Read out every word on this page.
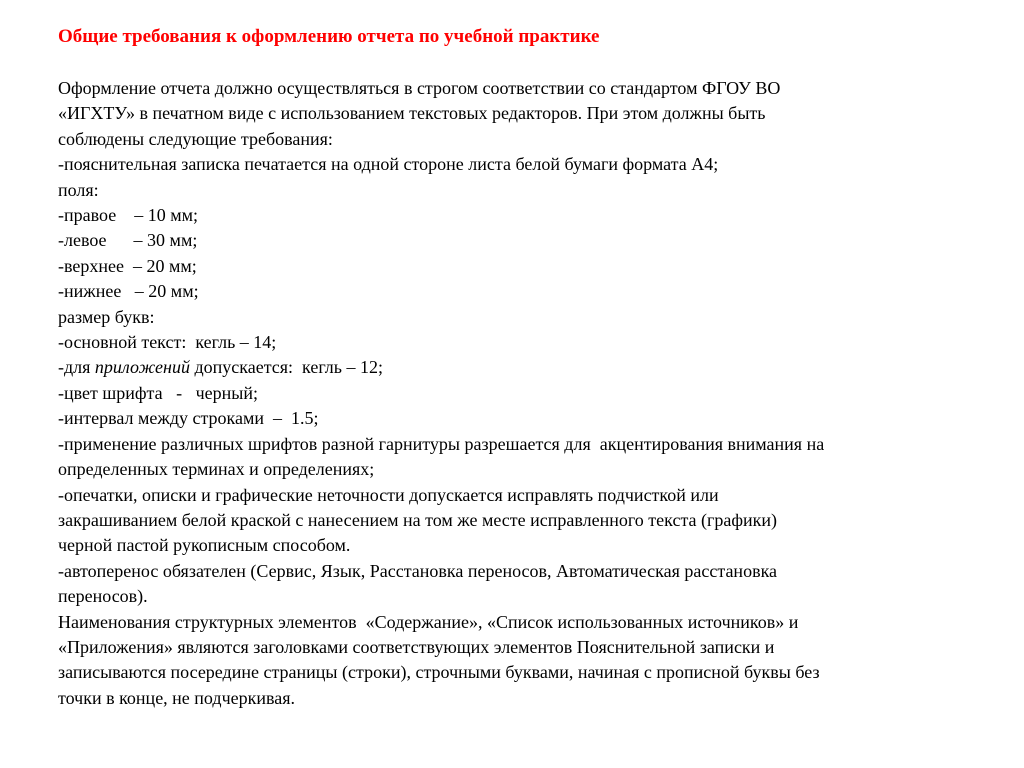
Общие требования к оформлению отчета по учебной практике
Оформление отчета должно осуществляться в строгом соответствии со стандартом ФГОУ ВО
«ИГХТУ» в печатном виде с использованием текстовых редакторов. При этом должны быть
соблюдены следующие требования:
-пояснительная записка печатается на одной стороне листа белой бумаги формата А4;
поля:
-правое    – 10 мм;
-левое      – 30 мм;
-верхнее  – 20 мм;
-нижнее   – 20 мм;
размер букв:
-основной текст:  кегль – 14;
-для приложений допускается:  кегль – 12;
-цвет шрифта   -   черный;
-интервал между строками  –  1.5;
-применение различных шрифтов разной гарнитуры разрешается для  акцентирования внимания на
определенных терминах и определениях;
-опечатки, описки и графические неточности допускается исправлять подчисткой или
закрашиванием белой краской с нанесением на том же месте исправленного текста (графики)
черной пастой рукописным способом.
-автоперенос обязателен (Сервис, Язык, Расстановка переносов, Автоматическая расстановка
переносов).
Наименования структурных элементов  «Содержание», «Список использованных источников» и
«Приложения» являются заголовками соответствующих элементов Пояснительной записки и
записываются посередине страницы (строки), строчными буквами, начиная с прописной буквы без
точки в конце, не подчеркивая.
